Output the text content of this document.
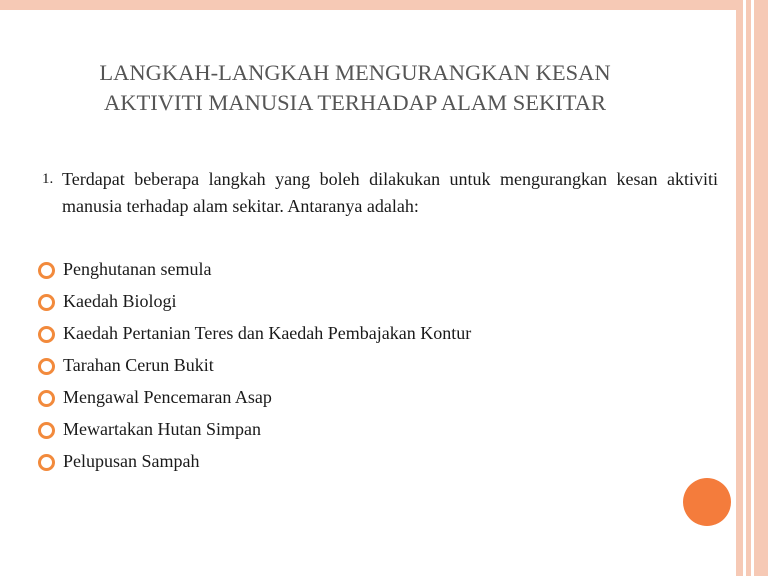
LANGKAH-LANGKAH MENGURANGKAN KESAN
AKTIVITI MANUSIA TERHADAP ALAM SEKITAR
1. Terdapat beberapa langkah yang boleh dilakukan untuk mengurangkan kesan aktiviti manusia terhadap alam sekitar. Antaranya adalah:
Penghutanan semula
Kaedah Biologi
Kaedah Pertanian Teres dan Kaedah Pembajakan Kontur
Tarahan Cerun Bukit
Mengawal Pencemaran Asap
Mewartakan Hutan Simpan
Pelupusan Sampah
